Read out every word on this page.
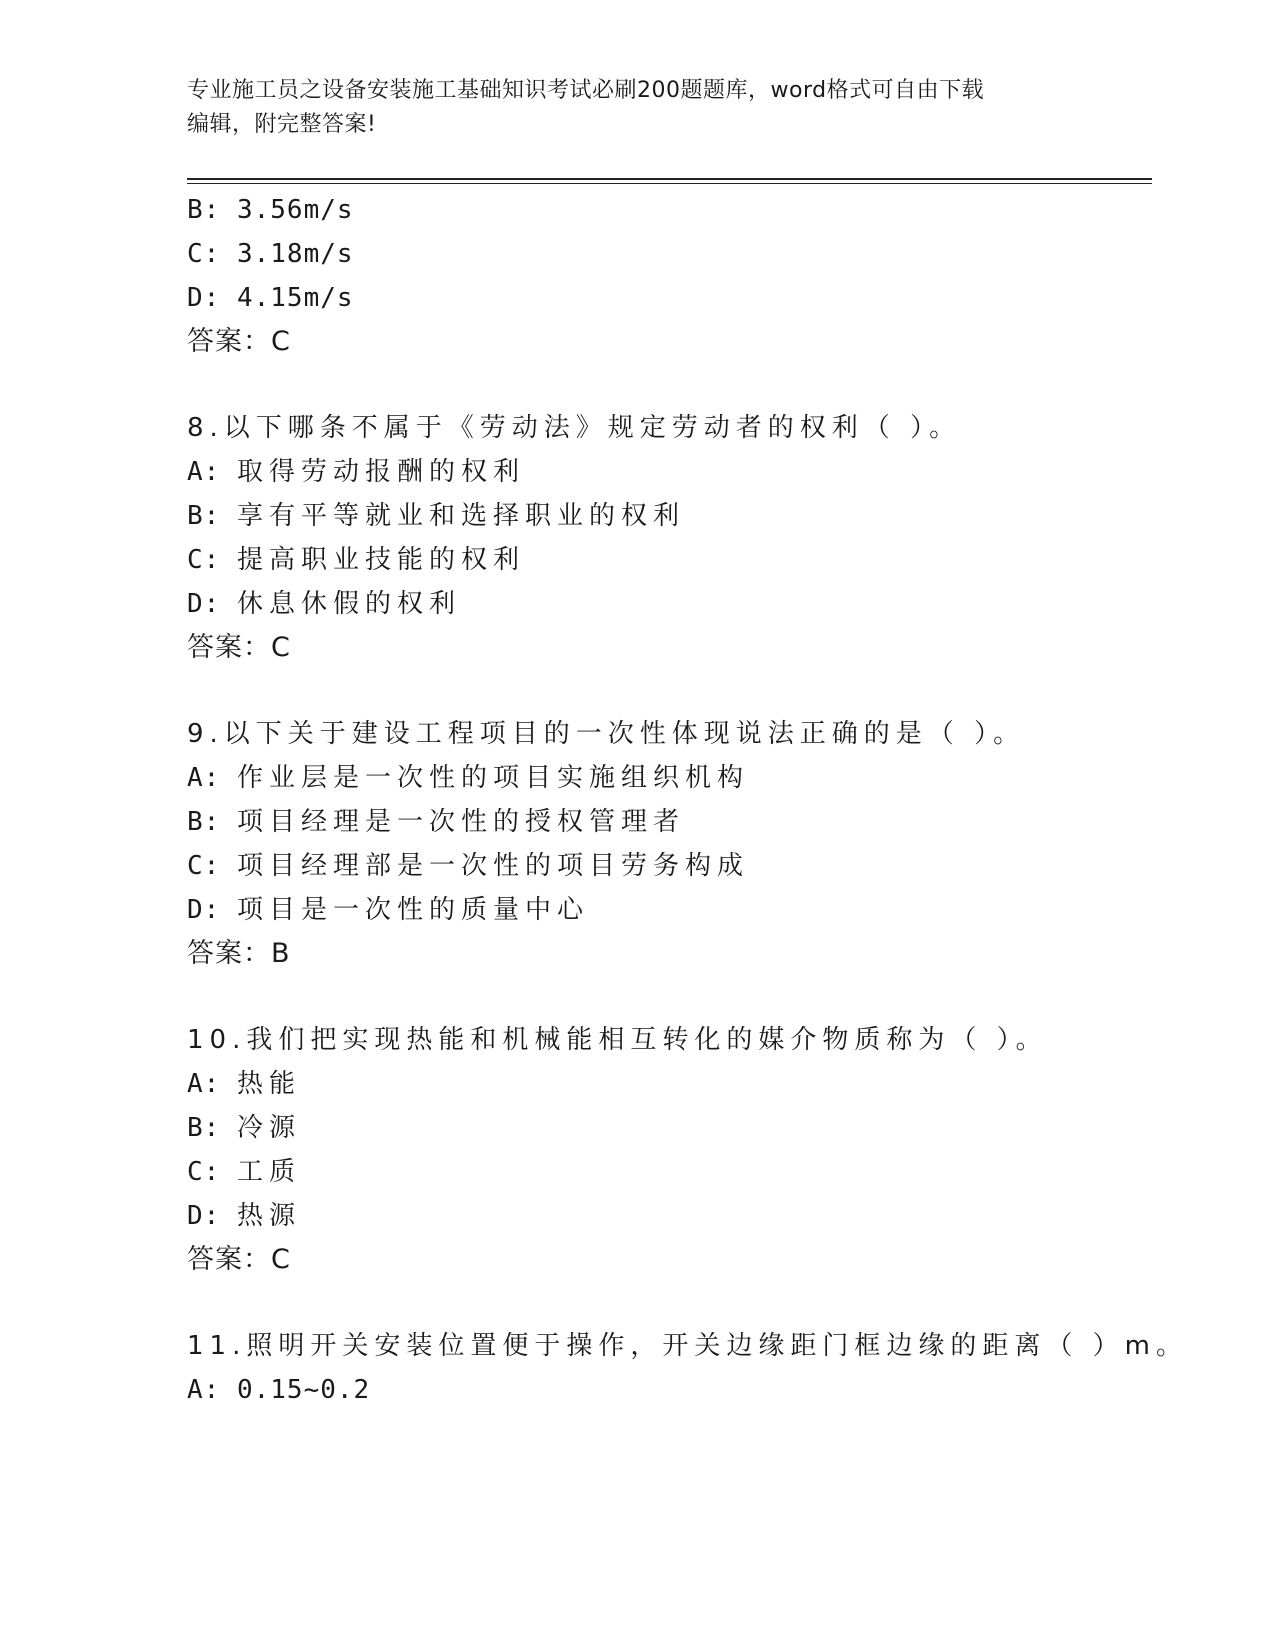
专业施工员之设备安装施工基础知识考试必刷200题题库，word格式可自由下载
编辑，附完整答案!
B: 3.56m/s
C: 3.18m/s
D: 4.15m/s
答案：C
8.以下哪条不属于《劳动法》规定劳动者的权利（ ）。
A: 取得劳动报酬的权利
B: 享有平等就业和选择职业的权利
C: 提高职业技能的权利
D: 休息休假的权利
答案：C
9.以下关于建设工程项目的一次性体现说法正确的是（ ）。
A: 作业层是一次性的项目实施组织机构
B: 项目经理是一次性的授权管理者
C: 项目经理部是一次性的项目劳务构成
D: 项目是一次性的质量中心
答案：B
10.我们把实现热能和机械能相互转化的媒介物质称为（ ）。
A: 热能
B: 冷源
C: 工质
D: 热源
答案：C
11.照明开关安装位置便于操作，开关边缘距门框边缘的距离（ ）m。
A: 0.15~0.2
